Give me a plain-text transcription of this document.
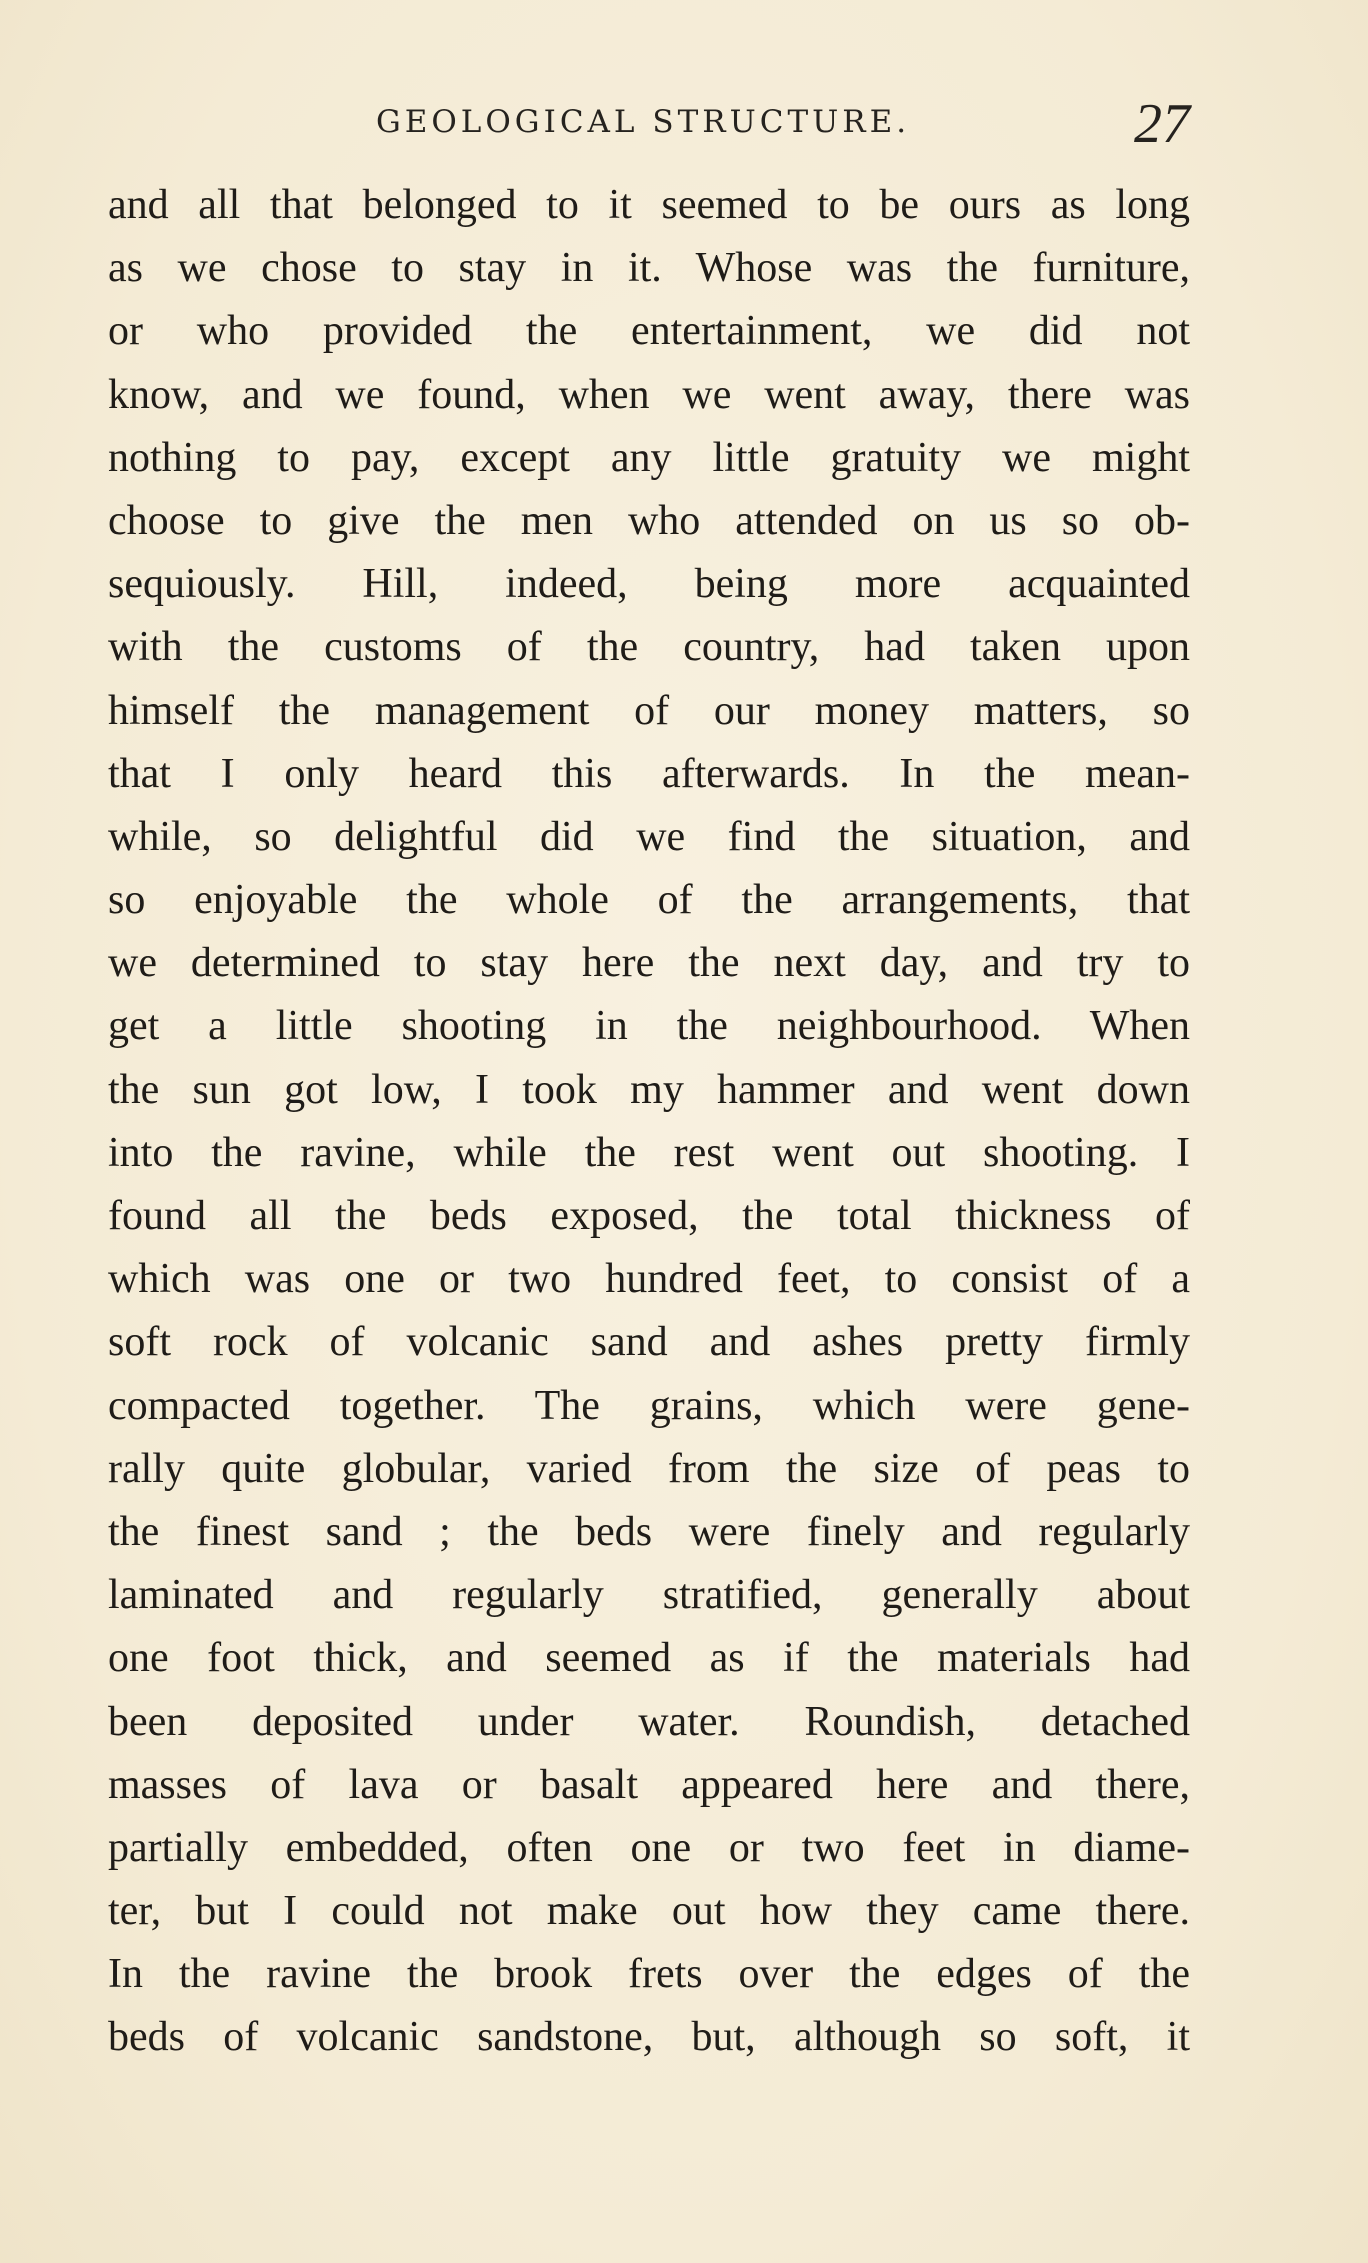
GEOLOGICAL STRUCTURE.	27
and all that belonged to it seemed to be ours as long
as we chose to stay in it. Whose was the furniture,
or who provided the entertainment, we did not
know, and we found, when we went away, there was
nothing to pay, except any little gratuity we might
choose to give the men who attended on us so ob-
sequiously. Hill, indeed, being more acquainted
with the customs of the country, had taken upon
himself the management of our money matters, so
that I only heard this afterwards. In the mean-
while, so delightful did we find the situation, and
so enjoyable the whole of the arrangements, that
we determined to stay here the next day, and try to
get a little shooting in the neighbourhood. When
the sun got low, I took my hammer and went down
into the ravine, while the rest went out shooting. I
found all the beds exposed, the total thickness of
which was one or two hundred feet, to consist of a
soft rock of volcanic sand and ashes pretty firmly
compacted together. The grains, which were gene-
rally quite globular, varied from the size of peas to
the finest sand ; the beds were finely and regularly
laminated and regularly stratified, generally about
one foot thick, and seemed as if the materials had
been deposited under water. Roundish, detached
masses of lava or basalt appeared here and there,
partially embedded, often one or two feet in diame-
ter, but I could not make out how they came there.
In the ravine the brook frets over the edges of the
beds of volcanic sandstone, but, although so soft, it
